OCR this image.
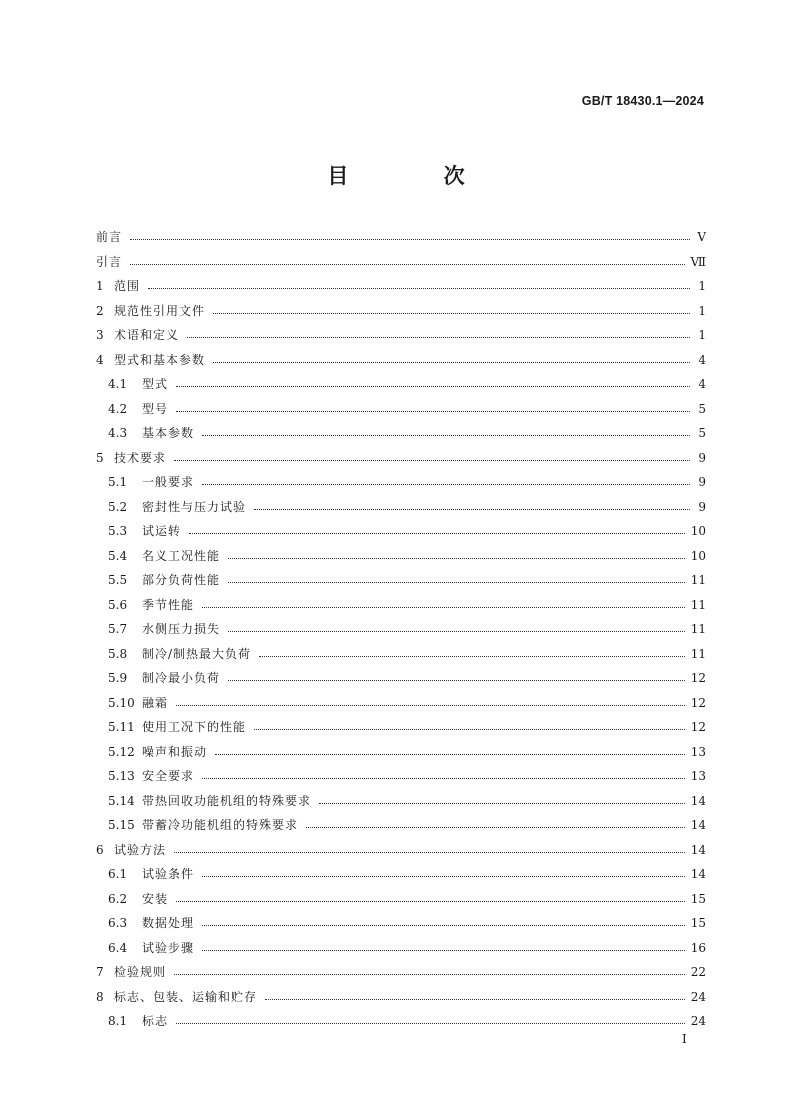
GB/T 18430.1—2024
目 次
前言	Ⅴ
引言	Ⅶ
1 范围	1
2 规范性引用文件	1
3 术语和定义	1
4 型式和基本参数	4
4.1	型式	4
4.2	型号	5
4.3	基本参数	5
5 技术要求	9
5.1	一般要求	9
5.2	密封性与压力试验	9
5.3	试运转	10
5.4	名义工况性能	10
5.5	部分负荷性能	11
5.6	季节性能	11
5.7	水侧压力损失	11
5.8	制冷/制热最大负荷	11
5.9	制冷最小负荷	12
5.10 融霜	12
5.11 使用工况下的性能	12
5.12 噪声和振动	13
5.13 安全要求	13
5.14 带热回收功能机组的特殊要求	14
5.15 带蓄冷功能机组的特殊要求	14
6 试验方法	14
6.1	试验条件	14
6.2	安装	15
6.3	数据处理	15
6.4	试验步骤	16
7 检验规则	22
8 标志、包装、运输和贮存	24
8.1	标志	24
Ⅰ
